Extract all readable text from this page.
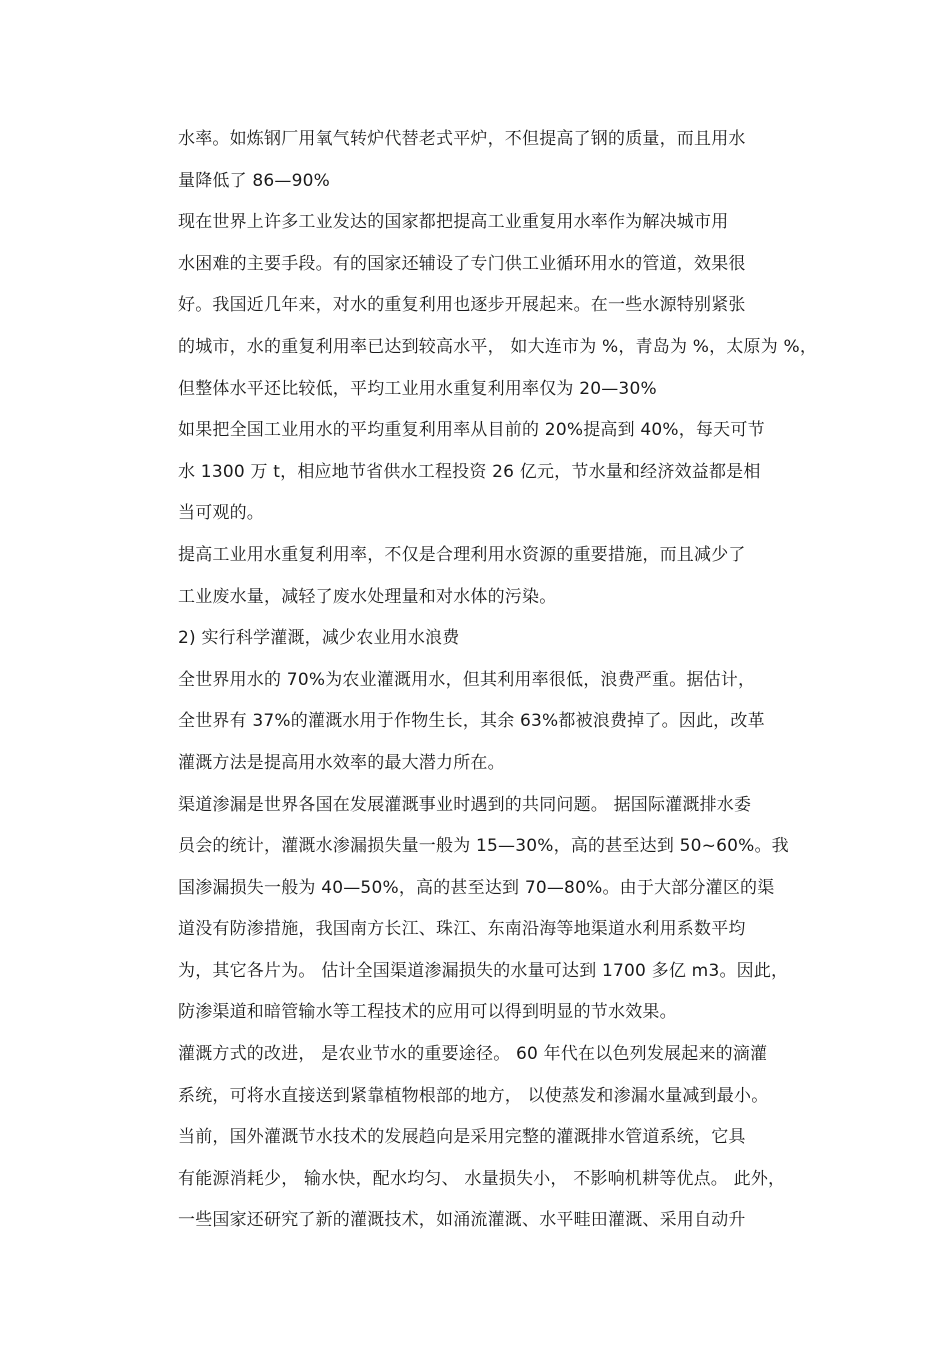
水率。如炼钢厂用氧气转炉代替老式平炉，不但提高了钢的质量，而且用水
量降低了 86—90%
现在世界上许多工业发达的国家都把提高工业重复用水率作为解决城市用
水困难的主要手段。有的国家还辅设了专门供工业循环用水的管道，效果很
好。我国近几年来，对水的重复利用也逐步开展起来。在一些水源特别紧张
的城市，水的重复利用率已达到较高水平， 如大连市为 %，青岛为 %，太原为 %，
但整体水平还比较低，平均工业用水重复利用率仅为 20—30%
如果把全国工业用水的平均重复利用率从目前的 20%提高到 40%，每天可节
水 1300 万 t，相应地节省供水工程投资 26 亿元，节水量和经济效益都是相
当可观的。
提高工业用水重复利用率，不仅是合理利用水资源的重要措施，而且减少了
工业废水量，减轻了废水处理量和对水体的污染。
2) 实行科学灌溉，减少农业用水浪费
全世界用水的 70%为农业灌溉用水，但其利用率很低，浪费严重。据估计，
全世界有 37%的灌溉水用于作物生长，其余 63%都被浪费掉了。因此，改革
灌溉方法是提高用水效率的最大潜力所在。
渠道渗漏是世界各国在发展灌溉事业时遇到的共同问题。 据国际灌溉排水委
员会的统计，灌溉水渗漏损失量一般为 15—30%，高的甚至达到 50~60%。我
国渗漏损失一般为 40—50%，高的甚至达到 70—80%。由于大部分灌区的渠
道没有防渗措施，我国南方长江、珠江、东南沿海等地渠道水利用系数平均
为，其它各片为。 估计全国渠道渗漏损失的水量可达到 1700 多亿 m3。因此，
防渗渠道和暗管输水等工程技术的应用可以得到明显的节水效果。
灌溉方式的改进， 是农业节水的重要途径。 60 年代在以色列发展起来的滴灌
系统，可将水直接送到紧靠植物根部的地方， 以使蒸发和渗漏水量减到最小。
当前，国外灌溉节水技术的发展趋向是采用完整的灌溉排水管道系统，它具
有能源消耗少， 输水快，配水均匀、 水量损失小， 不影响机耕等优点。 此外，
一些国家还研究了新的灌溉技术，如涌流灌溉、水平畦田灌溉、采用自动升
